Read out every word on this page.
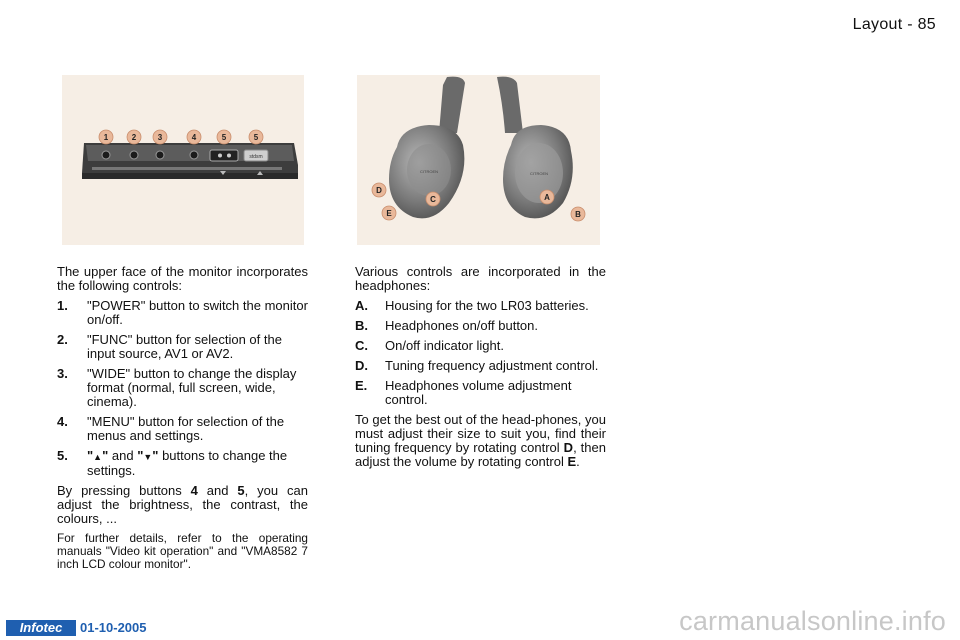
Layout - 85
stdsm
1	2	3	4	5	5
CITROEN	CITROEN
D
E
C	A
B

The upper face of the monitor incorporates the following controls:

1.	"POWER" button to switch the monitor on/off.
2.	"FUNC" button for selection of the input source, AV1 or AV2.
3.	"WIDE" button to change the display format (normal, full screen, wide, cinema).
4.	"MENU" button for selection of the menus and settings.
5.	"▲" and "▼" buttons to change the settings.

By pressing buttons 4 and 5, you can adjust the brightness, the contrast, the colours, ...

For further details, refer to the operating manuals "Video kit operation" and "VMA8582 7 inch LCD colour monitor".

Various controls are incorporated in the headphones:

A.	Housing for the two LR03 batteries.
B.	Headphones on/off button.
C.	On/off indicator light.
D.	Tuning frequency adjustment control.
E.	Headphones volume adjustment control.

To get the best out of the head-phones, you must adjust their size to suit you, find their tuning frequency by rotating control D, then adjust the volume by rotating control E.

Infotec	01-10-2005	carmanualsonline.info
